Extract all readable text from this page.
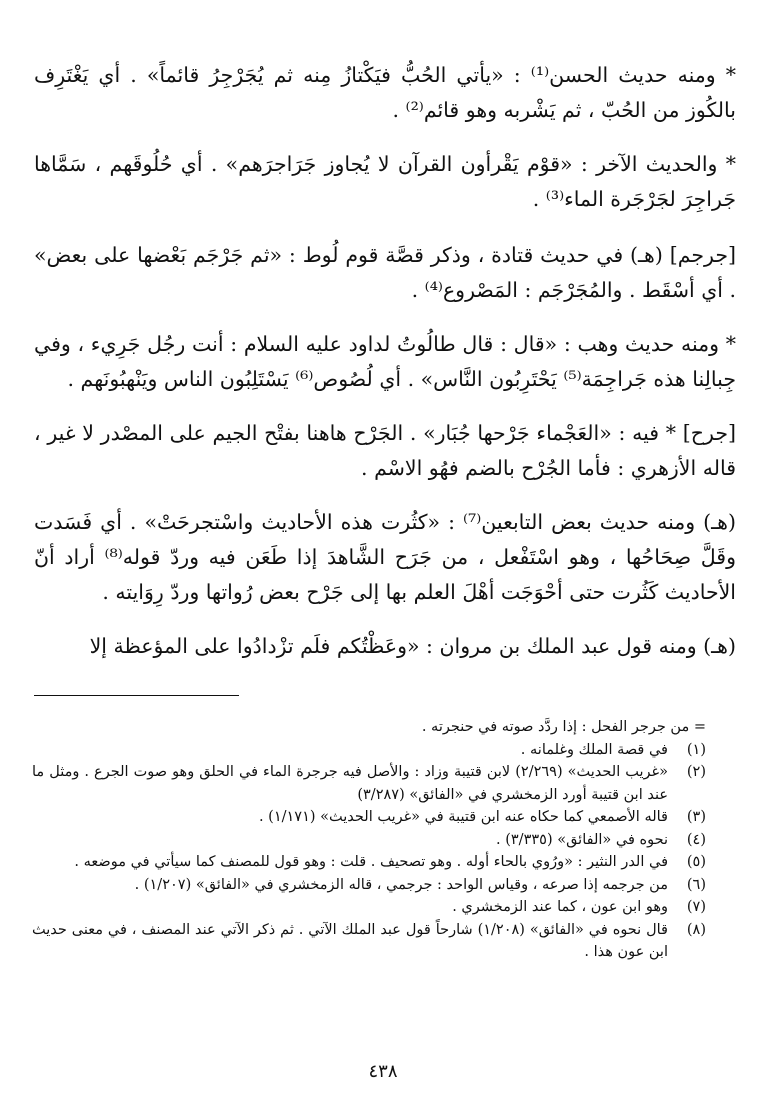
* ومنه حديث الحسن⁽¹⁾ : «يأتي الحُبُّ فيَكْتازُ مِنه ثم يُجَرْجِرُ قائماً» . أي يَغْتَرِف بالكُوز من الحُبّ ، ثم يَشْربه وهو قائم⁽²⁾ .

* والحديث الآخر : «قوْم يَقْرأون القرآن لا يُجاوز جَرَاجرَهم» . أي حُلُوقَهم ، سَمَّاها جَراجِرَ لجَرْجَرة الماء⁽³⁾ .

[جرجم] (هـ) في حديث قتادة ، وذكر قصَّة قوم لُوط : «ثم جَرْجَم بَعْضها على بعض» . أي أسْقَط . والمُجَرْجَم : المَصْروع⁽⁴⁾ .

* ومنه حديث وهب : «قال : قال طالُوتُ لداود عليه السلام : أنت رجُل جَرِيء ، وفي جِبالِنا هذه جَراجِمَة⁽⁵⁾ يَحْتَرِبُون النَّاس» . أي لُصُوص⁽⁶⁾ يَسْتَلِبُون الناس ويَنْهبُونَهم .

[جرح] * فيه : «العَجْماء جَرْحها جُبَار» . الجَرْح هاهنا بفتْح الجيم على المصْدر لا غير ، قاله الأزهري : فأما الجُرْح بالضم فهُو الاسْم .

(هـ) ومنه حديث بعض التابعين⁽⁷⁾ : «كثُرت هذه الأحاديث واسْتجرحَتْ» . أي فَسَدت وقَلَّ صِحَاحُها ، وهو اسْتَفْعل ، من جَرَح الشَّاهدَ إذا طَعَن فيه وردّ قوله⁽⁸⁾ أراد أنّ الأحاديث كَثُرت حتى أحْوَجَت أهْلَ العلم بها إلى جَرْح بعض رُواتها وردّ رِوَايته .

(هـ) ومنه قول عبد الملك بن مروان : «وعَظْتُكم فلَم تزْدادُوا على المؤعظة إلا

= من جرجر الفحل : إذا ردَّد صوته في حنجرته .
(١)
في قصة الملك وغلمانه .
(٢)
«غريب الحديث» (٢/٢٦٩) لابن قتيبة وزاد : والأصل فيه جرجرة الماء في الحلق وهو صوت الجرع . ومثل ما عند ابن قتيبة أورد الزمخشري في «الفائق» (٣/٢٨٧)
(٣)
قاله الأصمعي كما حكاه عنه ابن قتيبة في «غريب الحديث» (١/١٧١) .
(٤)
نحوه في «الفائق» (٣/٣٣٥) .
(٥)
في الدر النثير : «ورُوي بالحاء أوله . وهو تصحيف . قلت : وهو قول للمصنف كما سيأتي في موضعه .
(٦)
من جرجمه إذا صرعه ، وقياس الواحد : جرجمي ، قاله الزمخشري في «الفائق» (١/٢٠٧) .
(٧)
وهو ابن عون ، كما عند الزمخشري .
(٨)
قال نحوه في «الفائق» (١/٢٠٨) شارحاً قول عبد الملك الآتي . ثم ذكر الآتي عند المصنف ، في معنى حديث ابن عون هذا .
٤٣٨
